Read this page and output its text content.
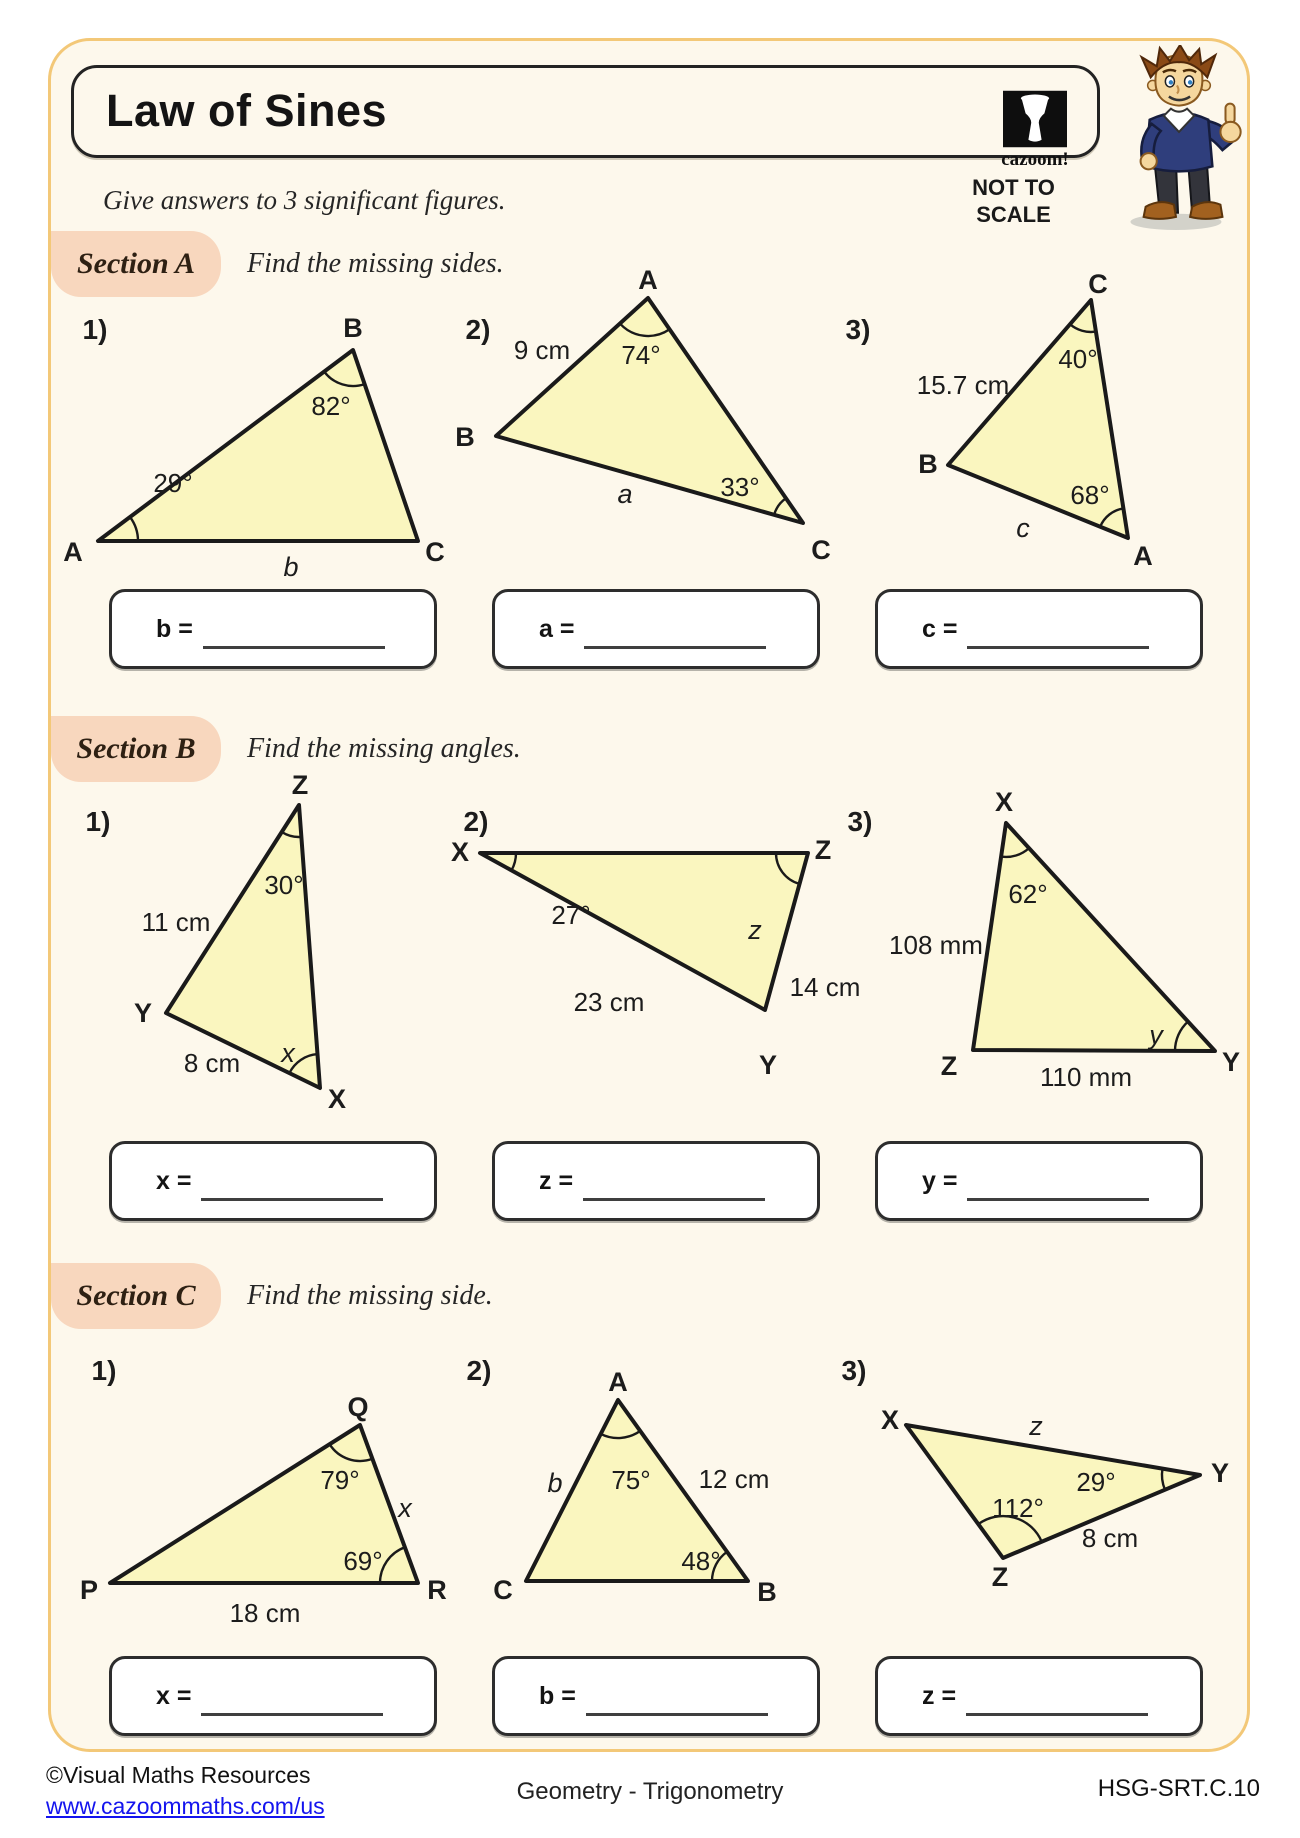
Law of Sines
cazoom!
NOT TO SCALE
Give answers to 3 significant figures.
Section A Find the missing sides.
Section B Find the missing angles.
Section C Find the missing side.
1)	B
A	C
82°
29°
b
2)
A
B
C
9 cm 74°
33°
a
3)
C
B
A
40°
68°
15.7 cm
c
1)
Z
Y
X
30°
11 cm
x
8 cm
2)
X	Z
Y
27°	z
23 cm	14 cm
3)
X
Z	Y
62°
108 mm
y
110 mm
1)
Q
P	R
79°
69°
x
18 cm
2)	A
C	B
75°
b	12 cm
48°
3)
X
Y
Z
z
29°
112°
8 cm
b =	a =	c =
x =	z =	y =
x =	b =	z =
©Visual Maths Resources
www.cazoommaths.com/us
Geometry - Trigonometry	HSG-SRT.C.10
